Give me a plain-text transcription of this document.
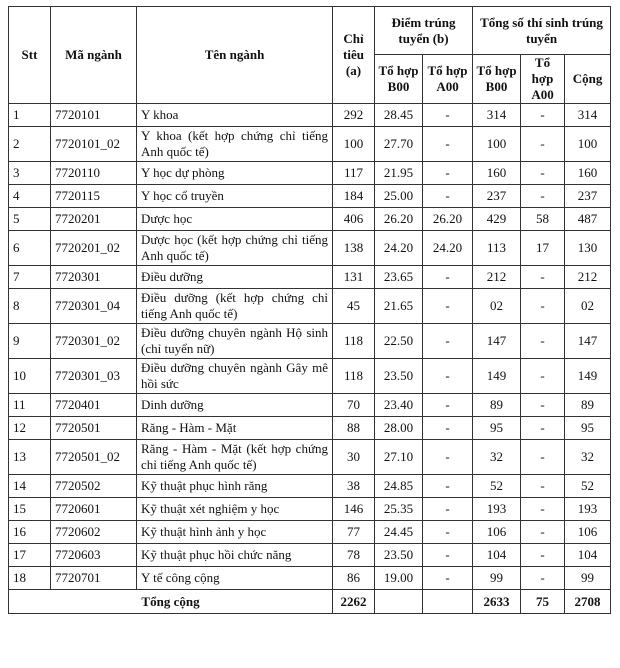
Stt	Mã ngành	Tên ngành	Chỉ tiêu (a)	Điểm trúng tuyển (b)		Tổng số thí sinh trúng tuyển		
				Tổ hợp B00	Tổ hợp A00	Tổ hợp B00	Tổ hợp A00	Cộng
1	7720101	Y khoa	292	28.45	-	314	-	314
2	7720101_02	Y khoa (kết hợp chứng chỉ tiếng Anh quốc tế)	100	27.70	-	100	-	100
3	7720110	Y học dự phòng	117	21.95	-	160	-	160
4	7720115	Y học cổ truyền	184	25.00	-	237	-	237
5	7720201	Dược học	406	26.20	26.20	429	58	487
6	7720201_02	Dược học (kết hợp chứng chỉ tiếng Anh quốc tế)	138	24.20	24.20	113	17	130
7	7720301	Điều dưỡng	131	23.65	-	212	-	212
8	7720301_04	Điều dưỡng (kết hợp chứng chỉ tiếng Anh quốc tế)	45	21.65	-	02	-	02
9	7720301_02	Điều dưỡng chuyên ngành Hộ sinh (chỉ tuyển nữ)	118	22.50	-	147	-	147
10	7720301_03	Điều dưỡng chuyên ngành Gây mê hồi sức	118	23.50	-	149	-	149
11	7720401	Dinh dưỡng	70	23.40	-	89	-	89
12	7720501	Răng - Hàm - Mặt	88	28.00	-	95	-	95
13	7720501_02	Răng - Hàm - Mặt (kết hợp chứng chỉ tiếng Anh quốc tế)	30	27.10	-	32	-	32
14	7720502	Kỹ thuật phục hình răng	38	24.85	-	52	-	52
15	7720601	Kỹ thuật xét nghiệm y học	146	25.35	-	193	-	193
16	7720602	Kỹ thuật hình ảnh y học	77	24.45	-	106	-	106
17	7720603	Kỹ thuật phục hồi chức năng	78	23.50	-	104	-	104
18	7720701	Y tế công cộng	86	19.00	-	99	-	99
Tổng cộng			2262			2633	75	2708
